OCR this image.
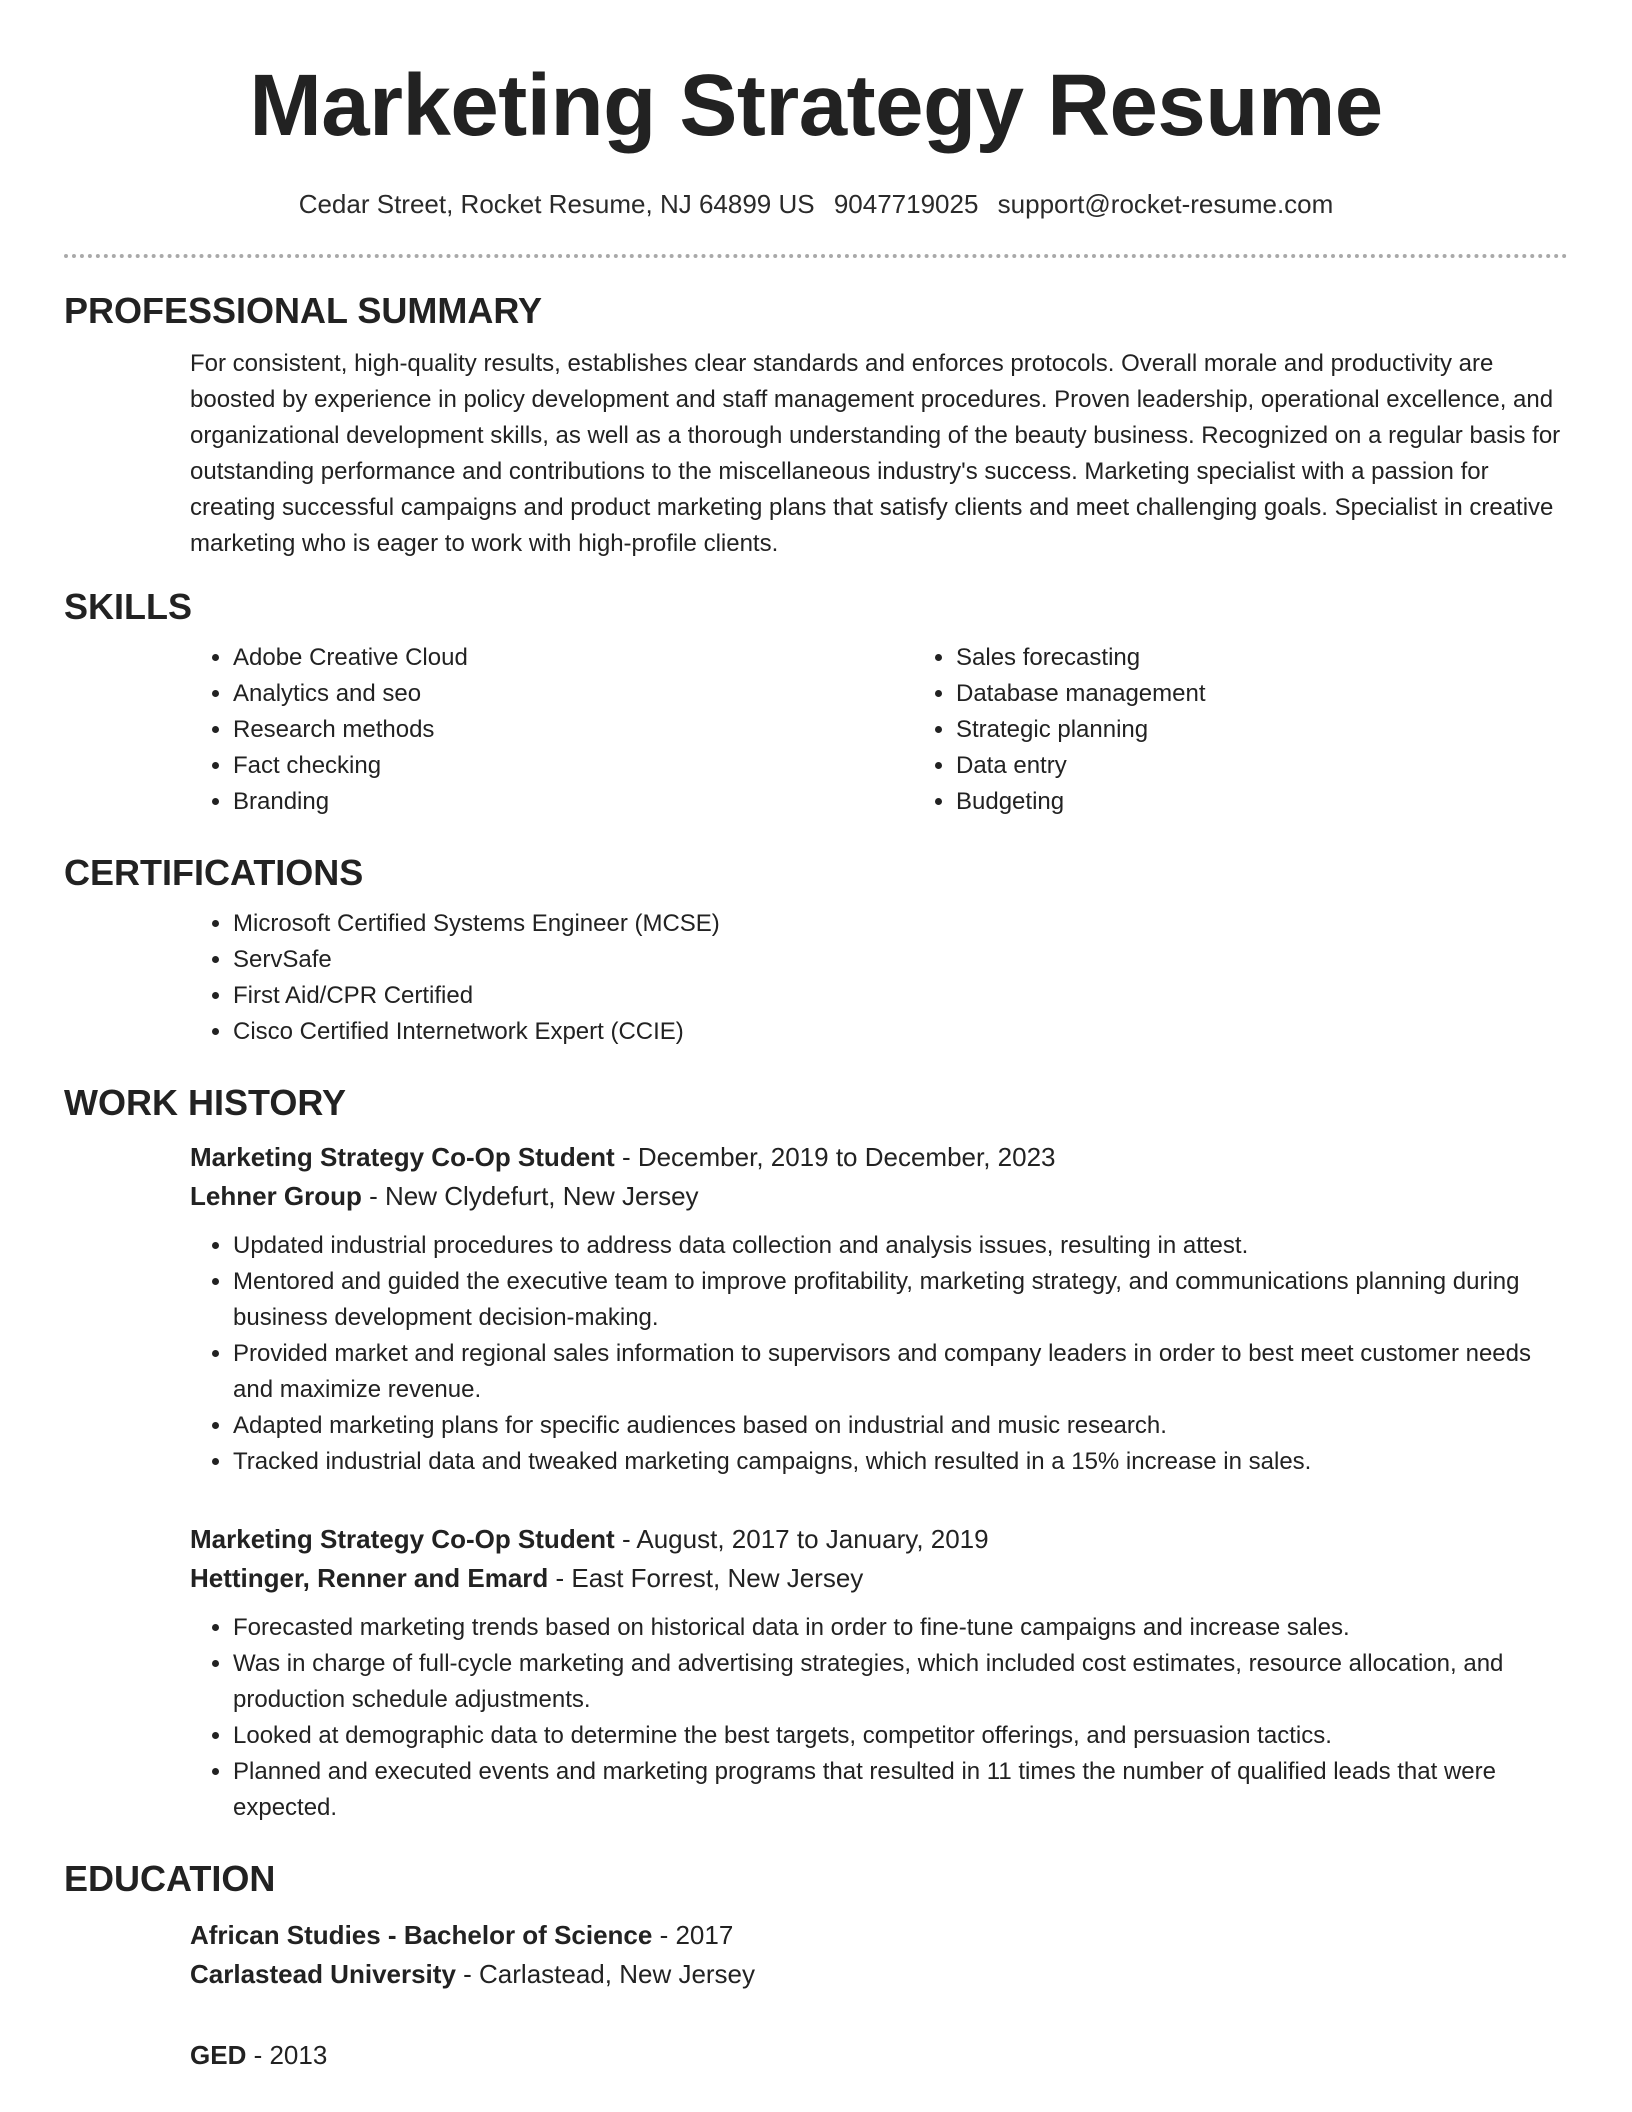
Marketing Strategy Resume
Cedar Street, Rocket Resume, NJ 64899 US 9047719025 support@rocket-resume.com
PROFESSIONAL SUMMARY

For consistent, high-quality results, establishes clear standards and enforces protocols. Overall morale and productivity are boosted by experience in policy development and staff management procedures. Proven leadership, operational excellence, and organizational development skills, as well as a thorough understanding of the beauty business. Recognized on a regular basis for outstanding performance and contributions to the miscellaneous industry's success. Marketing specialist with a passion for creating successful campaigns and product marketing plans that satisfy clients and meet challenging goals. Specialist in creative marketing who is eager to work with high-profile clients.

SKILLS
• Adobe Creative Cloud
• Analytics and seo
• Research methods
• Fact checking
• Branding
• Sales forecasting
• Database management
• Strategic planning
• Data entry
• Budgeting
CERTIFICATIONS
• Microsoft Certified Systems Engineer (MCSE)
• ServSafe
• First Aid/CPR Certified
• Cisco Certified Internetwork Expert (CCIE)
WORK HISTORY
Marketing Strategy Co-Op Student - December, 2019 to December, 2023
Lehner Group - New Clydefurt, New Jersey
• Updated industrial procedures to address data collection and analysis issues, resulting in attest.
• Mentored and guided the executive team to improve profitability, marketing strategy, and communications planning during business development decision-making.
• Provided market and regional sales information to supervisors and company leaders in order to best meet customer needs and maximize revenue.
• Adapted marketing plans for specific audiences based on industrial and music research.
• Tracked industrial data and tweaked marketing campaigns, which resulted in a 15% increase in sales.
Marketing Strategy Co-Op Student - August, 2017 to January, 2019
Hettinger, Renner and Emard - East Forrest, New Jersey
• Forecasted marketing trends based on historical data in order to fine-tune campaigns and increase sales.
• Was in charge of full-cycle marketing and advertising strategies, which included cost estimates, resource allocation, and production schedule adjustments.
• Looked at demographic data to determine the best targets, competitor offerings, and persuasion tactics.
• Planned and executed events and marketing programs that resulted in 11 times the number of qualified leads that were expected.
EDUCATION
African Studies - Bachelor of Science - 2017
Carlastead University - Carlastead, New Jersey
GED - 2013
